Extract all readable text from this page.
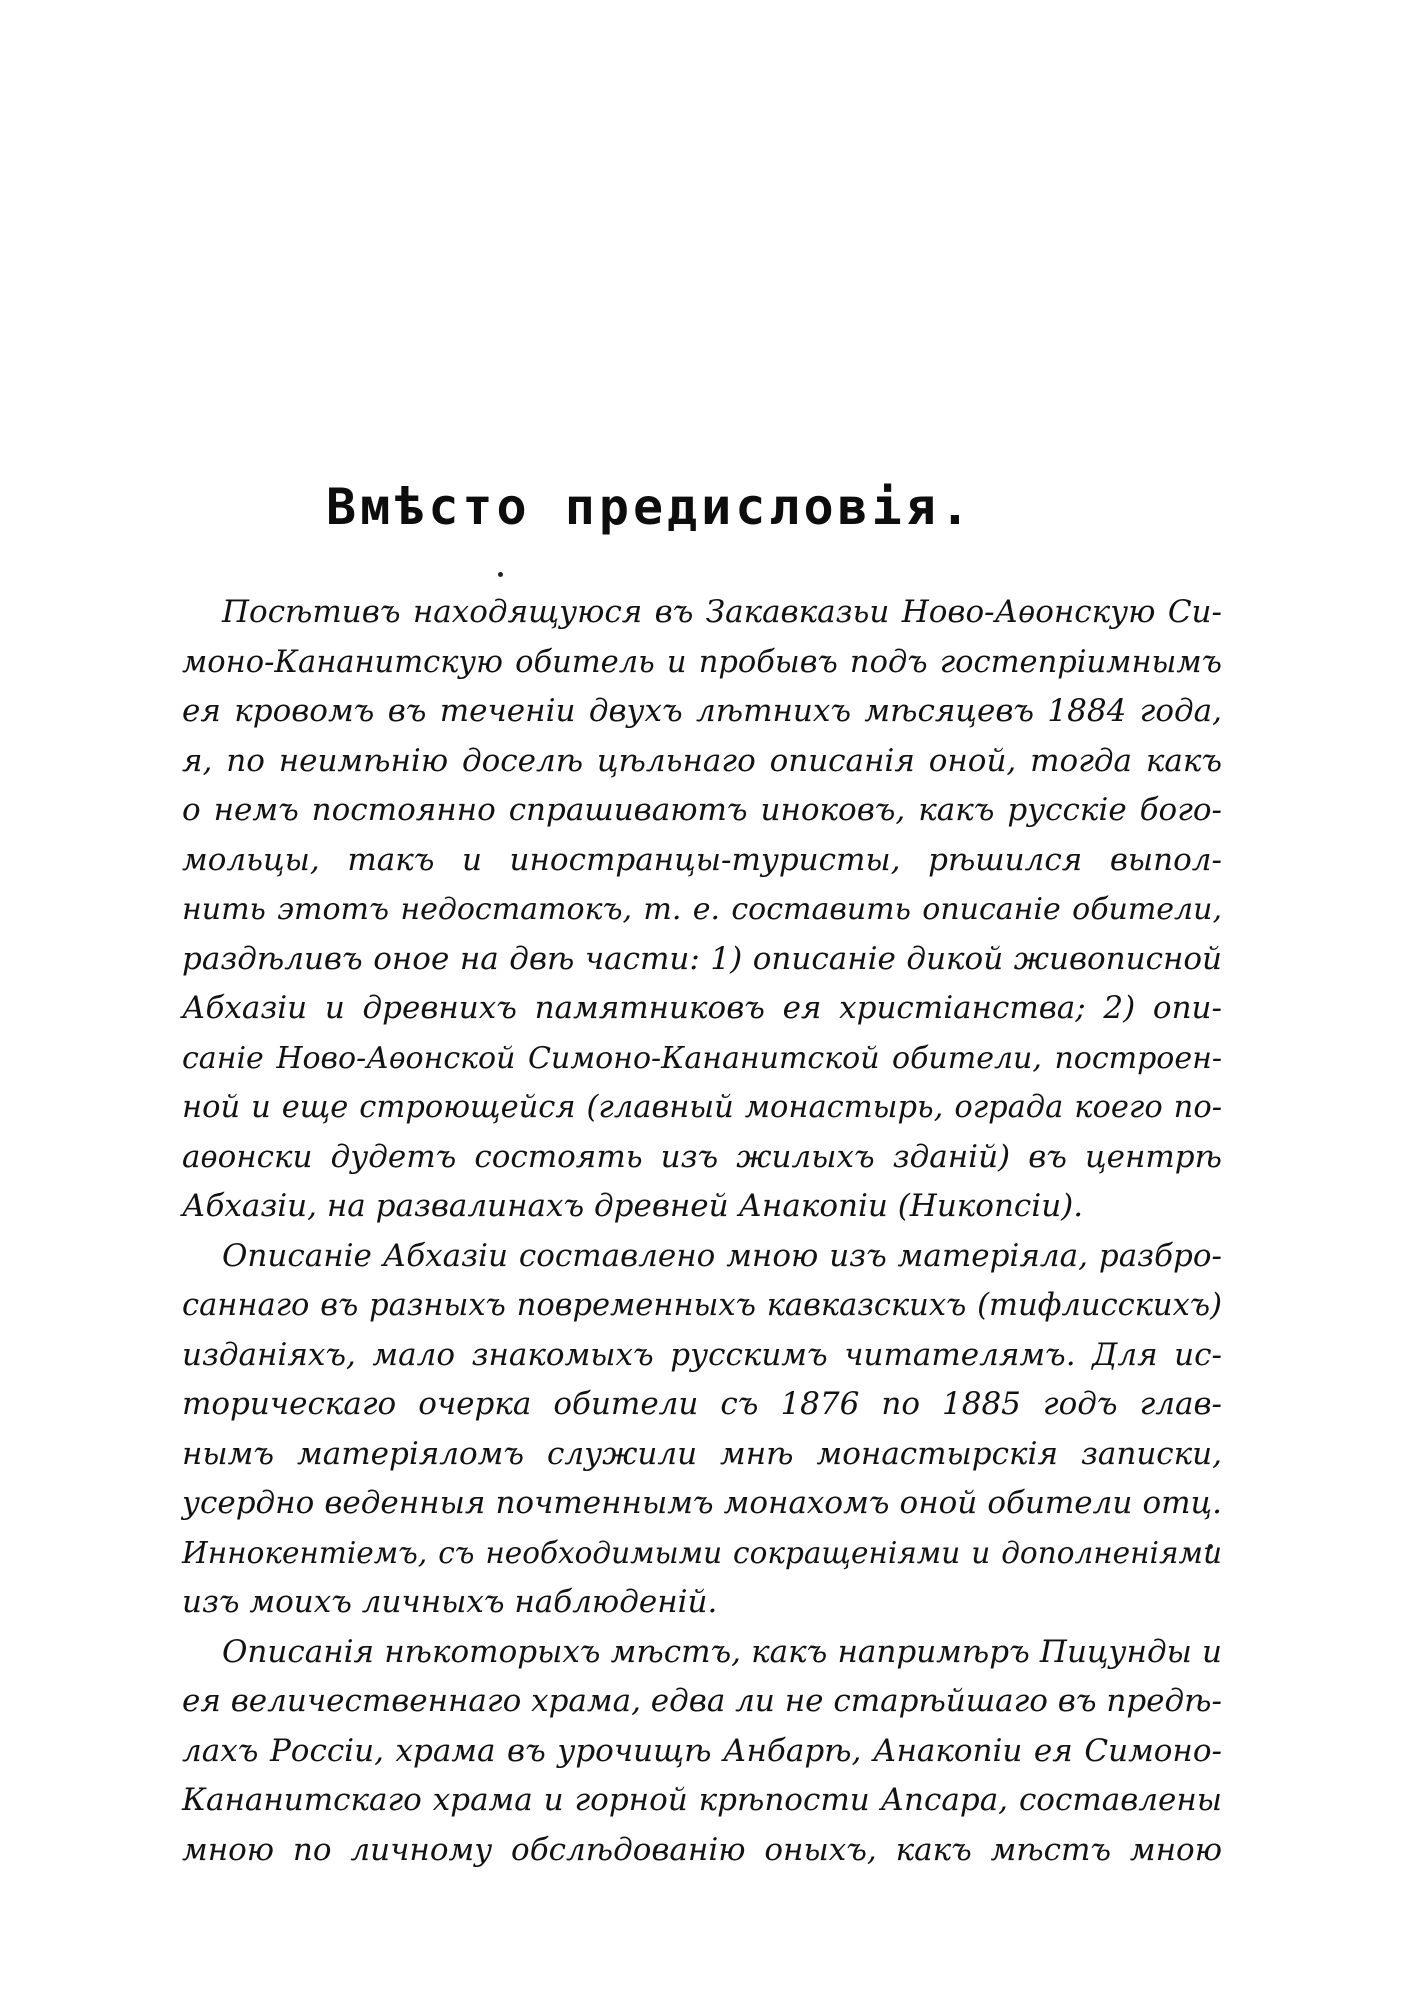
Вмѣсто предисловія.
Посѣтивъ находящуюся въ Закавказьи Ново-Аѳонскую Си-
моно-Кананитскую обитель и пробывъ подъ гостепріимнымъ
ея кровомъ въ теченіи двухъ лѣтнихъ мѣсяцевъ 1884 года,
я, по неимѣнію доселѣ цѣльнаго описанія оной, тогда какъ
о немъ постоянно спрашиваютъ иноковъ, какъ русскіе бого-
мольцы, такъ и иностранцы-туристы, рѣшился выпол-
нить этотъ недостатокъ, т. е. составить описаніе обители,
раздѣливъ оное на двѣ части: 1) описаніе дикой живописной
Абхазіи и древнихъ памятниковъ ея христіанства; 2) опи-
саніе Ново-Аѳонской Симоно-Кананитской обители, построен-
ной и еще строющейся (главный монастырь, ограда коего по-
аѳонски дудетъ состоять изъ жилыхъ зданій) въ центрѣ
Абхазіи, на развалинахъ древней Анакопіи (Никопсіи).
Описаніе Абхазіи составлено мною изъ матеріяла, разбро-
саннаго въ разныхъ повременныхъ кавказскихъ (тифлисскихъ)
изданіяхъ, мало знакомыхъ русскимъ читателямъ. Для ис-
торическаго очерка обители съ 1876 по 1885 годъ глав-
нымъ матеріяломъ служили мнѣ монастырскія записки,
усердно веденныя почтеннымъ монахомъ оной обители отц.
Иннокентіемъ, съ необходимыми сокращеніями и дополненіями
изъ моихъ личныхъ наблюденій.
Описанія нѣкоторыхъ мѣстъ, какъ напримѣръ Пицунды и
ея величественнаго храма, едва ли не старѣйшаго въ предѣ-
лахъ Россіи, храма въ урочищѣ Анбарѣ, Анакопіи ея Симоно-
Кананитскаго храма и горной крѣпости Апсара, составлены
мною по личному обслѣдованію оныхъ, какъ мѣстъ мною
